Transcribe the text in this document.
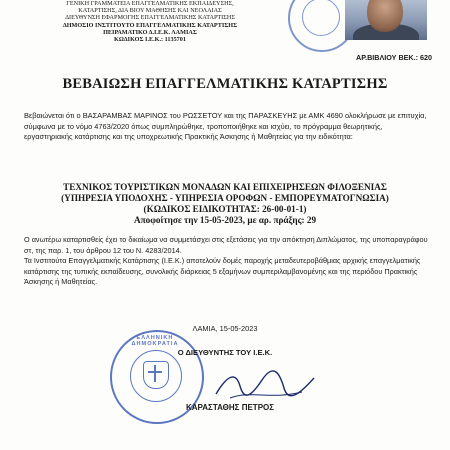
ΓΕΝΙΚΗ ΓΡΑΜΜΑΤΕΙΑ ΕΠΑΓΓΕΛΜΑΤΙΚΗΣ ΕΚΠΑΙΔΕΥΣΗΣ,
ΚΑΤΑΡΤΙΣΗΣ, ΔΙΑ ΒΙΟΥ ΜΑΘΗΣΗΣ ΚΑΙ ΝΕΟΛΑΙΑΣ
ΔΙΕΥΘΥΝΣΗ ΕΦΑΡΜΟΓΗΣ ΕΠΑΓΓΕΛΜΑΤΙΚΗΣ ΚΑΤΑΡΤΙΣΗΣ
ΔΗΜΟΣΙΟ ΙΝΣΤΙΤΟΥΤΟ ΕΠΑΓΓΕΛΜΑΤΙΚΗΣ ΚΑΤΑΡΤΙΣΗΣ
ΠΕΙΡΑΜΑΤΙΚΟ Δ.Ι.Ε.Κ. ΛΑΜΙΑΣ
ΚΩΔΙΚΟΣ Ι.Ε.Κ.: 1135701
ΑΡ.ΒΙΒΛΙΟΥ ΒΕΚ.: 620
ΒΕΒΑΙΩΣΗ ΕΠΑΓΓΕΛΜΑΤΙΚΗΣ ΚΑΤΑΡΤΙΣΗΣ
Βεβαιώνεται ότι ο ΒΑΣΑΡΑΜΒΑΣ ΜΑΡΙΝΟΣ του ΡΩΣΣΕΤΟΥ και της ΠΑΡΑΣΚΕΥΗΣ με ΑΜΚ 4690 ολοκλήρωσε με επιτυχία, σύμφωνα με το νόμο 4763/2020 όπως συμπληρώθηκε, τροποποιήθηκε και ισχύει, το πρόγραμμα θεωρητικής, εργαστηριακής κατάρτισης και της υποχρεωτικής Πρακτικής Άσκησης ή Μαθητείας για την ειδικότητα:
ΤΕΧΝΙΚΟΣ ΤΟΥΡΙΣΤΙΚΩΝ ΜΟΝΑΔΩΝ ΚΑΙ ΕΠΙΧΕΙΡΗΣΕΩΝ ΦΙΛΟΞΕΝΙΑΣ
(ΥΠΗΡΕΣΙΑ ΥΠΟΔΟΧΗΣ - ΥΠΗΡΕΣΙΑ ΟΡΟΦΩΝ - ΕΜΠΟΡΕΥΜΑΤΟΓΝΩΣΙΑ)
(ΚΩΔΙΚΟΣ ΕΙΔΙΚΟΤΗΤΑΣ: 26-00-01-1)
Αποφοίτησε την 15-05-2023, με αρ. πράξης: 29
Ο ανωτέρω καταρτισθείς έχει το δικαίωμα να συμμετάσχει στις εξετάσεις για την απόκτηση Διπλώματος, της υποπαραγράφου στ, της παρ. 1, του άρθρου 12 του Ν. 4283/2014.
Τα Ινστιτούτα Επαγγελματικής Κατάρτισης (Ι.Ε.Κ.) αποτελούν δομές παροχής μεταδευτεροβάθμιας αρχικής επαγγελματικής κατάρτισης της τυπικής εκπαίδευσης, συνολικής διάρκειας 5 εξαμήνων συμπεριλαμβανομένης και της περιόδου Πρακτικής Άσκησης ή Μαθητείας.
ΛΑΜΙΑ, 15-05-2023
ΕΛΛΗΝΙΚΗ ΔΗΜΟΚΡΑΤΙΑ
Ο ΔΙΕΥΘΥΝΤΗΣ ΤΟΥ Ι.Ε.Κ.
ΚΑΡΑΣΤΑΘΗΣ ΠΕΤΡΟΣ
